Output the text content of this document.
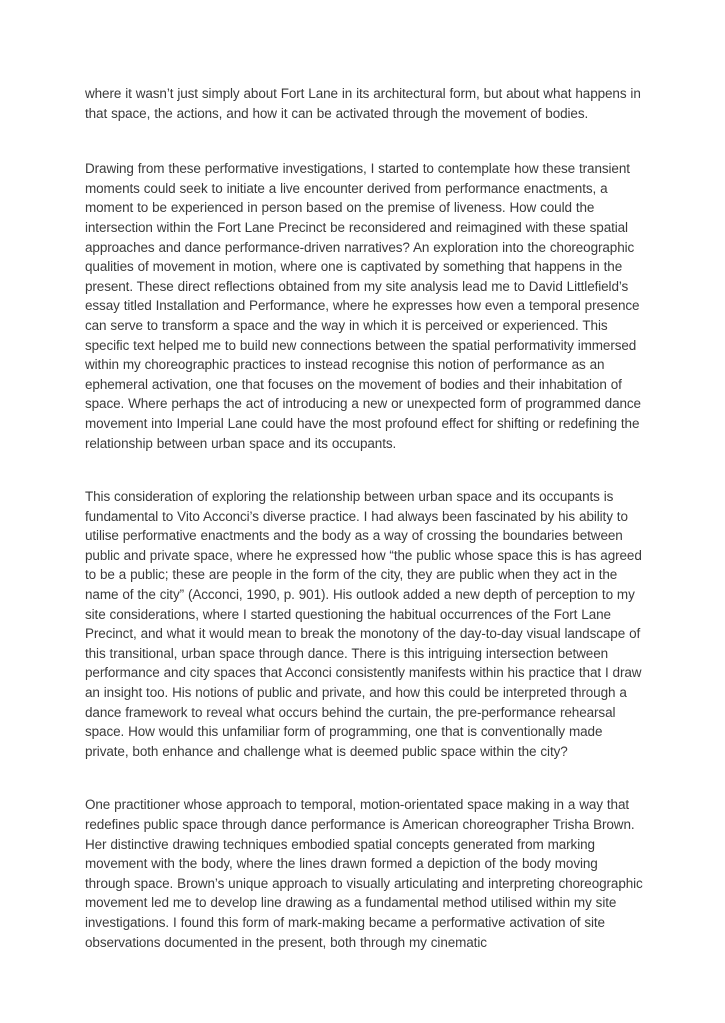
where it wasn’t just simply about Fort Lane in its architectural form, but about what happens in that space, the actions, and how it can be activated through the movement of bodies.

Drawing from these performative investigations, I started to contemplate how these transient moments could seek to initiate a live encounter derived from performance enactments, a moment to be experienced in person based on the premise of liveness. How could the intersection within the Fort Lane Precinct be reconsidered and reimagined with these spatial approaches and dance performance-driven narratives? An exploration into the choreographic qualities of movement in motion, where one is captivated by something that happens in the present. These direct reflections obtained from my site analysis lead me to David Littlefield’s essay titled Installation and Performance, where he expresses how even a temporal presence can serve to transform a space and the way in which it is perceived or experienced. This specific text helped me to build new connections between the spatial performativity immersed within my choreographic practices to instead recognise this notion of performance as an ephemeral activation, one that focuses on the movement of bodies and their inhabitation of space. Where perhaps the act of introducing a new or unexpected form of programmed dance movement into Imperial Lane could have the most profound effect for shifting or redefining the relationship between urban space and its occupants.

This consideration of exploring the relationship between urban space and its occupants is fundamental to Vito Acconci’s diverse practice. I had always been fascinated by his ability to utilise performative enactments and the body as a way of crossing the boundaries between public and private space, where he expressed how “the public whose space this is has agreed to be a public; these are people in the form of the city, they are public when they act in the name of the city” (Acconci, 1990, p. 901). His outlook added a new depth of perception to my site considerations, where I started questioning the habitual occurrences of the Fort Lane Precinct, and what it would mean to break the monotony of the day-to-day visual landscape of this transitional, urban space through dance. There is this intriguing intersection between performance and city spaces that Acconci consistently manifests within his practice that I draw an insight too. His notions of public and private, and how this could be interpreted through a dance framework to reveal what occurs behind the curtain, the pre-performance rehearsal space. How would this unfamiliar form of programming, one that is conventionally made private, both enhance and challenge what is deemed public space within the city?

One practitioner whose approach to temporal, motion-orientated space making in a way that redefines public space through dance performance is American choreographer Trisha Brown. Her distinctive drawing techniques embodied spatial concepts generated from marking movement with the body, where the lines drawn formed a depiction of the body moving through space. Brown’s unique approach to visually articulating and interpreting choreographic movement led me to develop line drawing as a fundamental method utilised within my site investigations. I found this form of mark-making became a performative activation of site observations documented in the present, both through my cinematic
